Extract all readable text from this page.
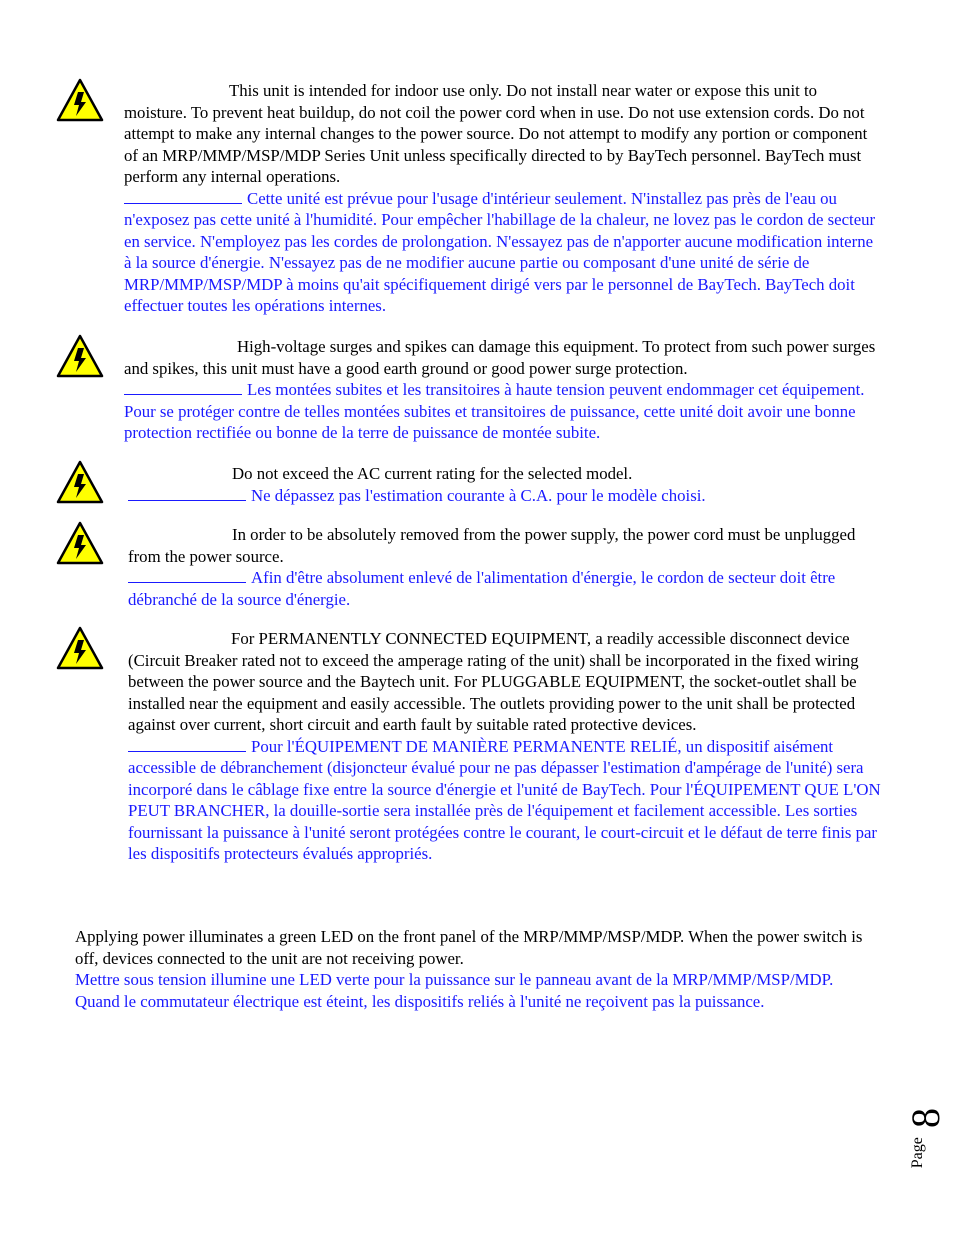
This unit is intended for indoor use only. Do not install near water or expose this unit to moisture. To prevent heat buildup, do not coil the power cord when in use. Do not use extension cords. Do not attempt to make any internal changes to the power source. Do not attempt to modify any portion or component of an MRP/MMP/MSP/MDP Series Unit unless specifically directed to by BayTech personnel. BayTech must perform any internal operations.

Cette unité est prévue pour l'usage d'intérieur seulement. N'installez pas près de l'eau ou n'exposez pas cette unité à l'humidité. Pour empêcher l'habillage de la chaleur, ne lovez pas le cordon de secteur en service. N'employez pas les cordes de prolongation. N'essayez pas de n'apporter aucune modification interne à la source d'énergie. N'essayez pas de ne modifier aucune partie ou composant d'une unité de série de MRP/MMP/MSP/MDP à moins qu'ait spécifiquement dirigé vers par le personnel de BayTech. BayTech doit effectuer toutes les opérations internes.

High-voltage surges and spikes can damage this equipment. To protect from such power surges and spikes, this unit must have a good earth ground or good power surge protection.

Les montées subites et les transitoires à haute tension peuvent endommager cet équipement. Pour se protéger contre de telles montées subites et transitoires de puissance, cette unité doit avoir une bonne protection rectifiée ou bonne de la terre de puissance de montée subite.

Do not exceed the AC current rating for the selected model.

Ne dépassez pas l'estimation courante à C.A. pour le modèle choisi.

In order to be absolutely removed from the power supply, the power cord must be unplugged from the power source.

Afin d'être absolument enlevé de l'alimentation d'énergie, le cordon de secteur doit être débranché de la source d'énergie.

For PERMANENTLY CONNECTED EQUIPMENT, a readily accessible disconnect device (Circuit Breaker rated not to exceed the amperage rating of the unit) shall be incorporated in the fixed wiring between the power source and the Baytech unit. For PLUGGABLE EQUIPMENT, the socket-outlet shall be installed near the equipment and easily accessible. The outlets providing power to the unit shall be protected against over current, short circuit and earth fault by suitable rated protective devices.

Pour l'ÉQUIPEMENT DE MANIÈRE PERMANENTE RELIÉ, un dispositif aisément accessible de débranchement (disjoncteur évalué pour ne pas dépasser l'estimation d'ampérage de l'unité) sera incorporé dans le câblage fixe entre la source d'énergie et l'unité de BayTech. Pour l'ÉQUIPEMENT QUE L'ON PEUT BRANCHER, la douille-sortie sera installée près de l'équipement et facilement accessible. Les sorties fournissant la puissance à l'unité seront protégées contre le courant, le court-circuit et le défaut de terre finis par les dispositifs protecteurs évalués appropriés.

Applying power illuminates a green LED on the front panel of the MRP/MMP/MSP/MDP. When the power switch is off, devices connected to the unit are not receiving power.

Mettre sous tension illumine une LED verte pour la puissance sur le panneau avant de la MRP/MMP/MSP/MDP. Quand le commutateur électrique est éteint, les dispositifs reliés à l'unité ne reçoivent pas la puissance.

Page
8
